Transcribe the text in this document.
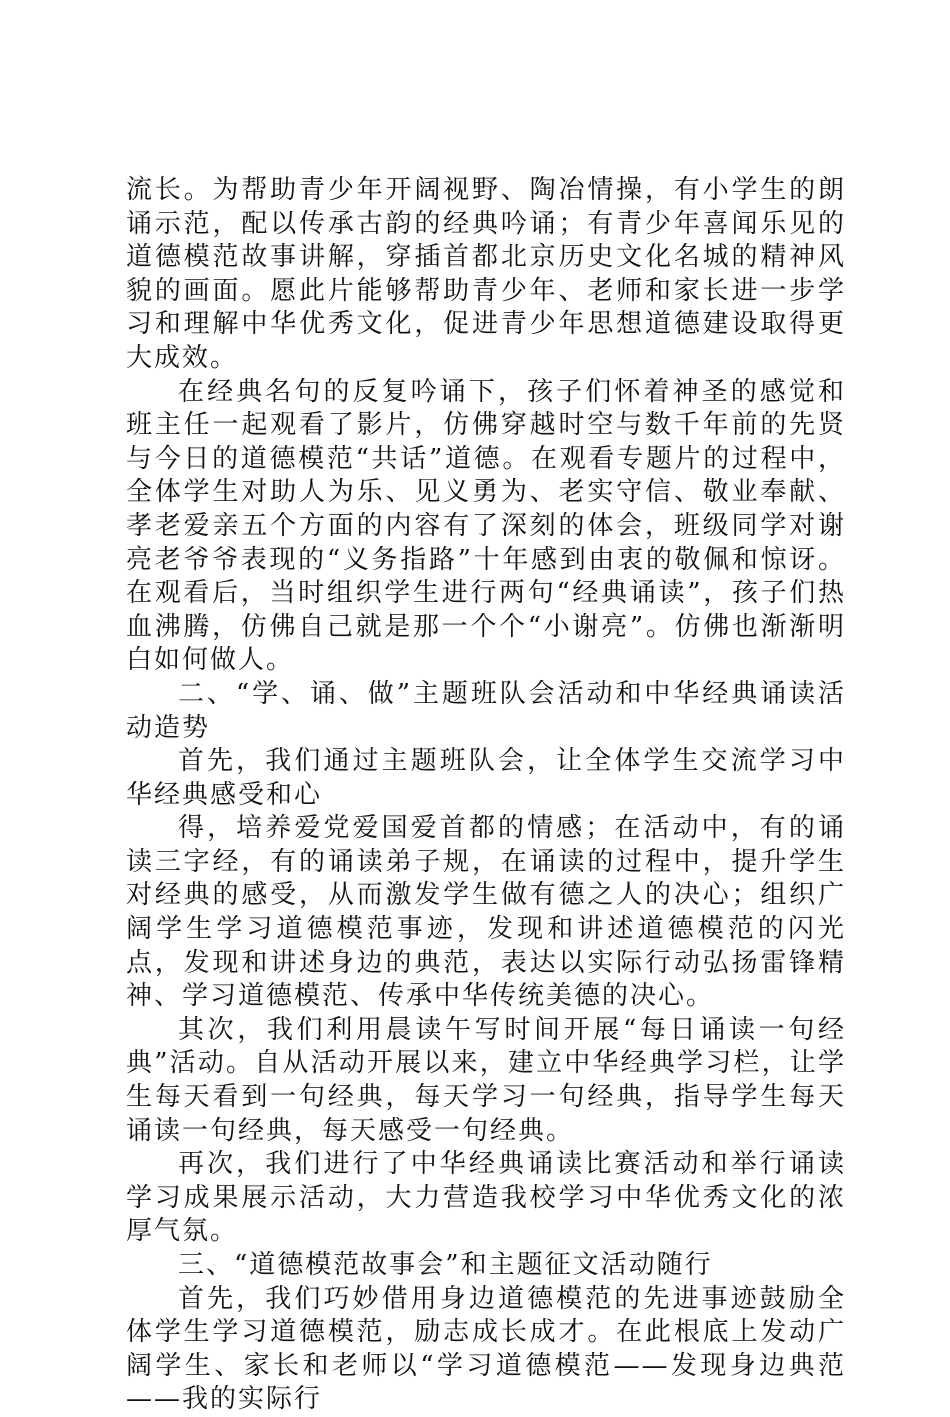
流长。为帮助青少年开阔视野、陶冶情操，有小学生的朗诵示范，配以传承古韵的经典吟诵；有青少年喜闻乐见的道德模范故事讲解，穿插首都北京历史文化名城的精神风貌的画面。愿此片能够帮助青少年、老师和家长进一步学习和理解中华优秀文化，促进青少年思想道德建设取得更大成效。

在经典名句的反复吟诵下，孩子们怀着神圣的感觉和班主任一起观看了影片，仿佛穿越时空与数千年前的先贤与今日的道德模范“共话”道德。在观看专题片的过程中，全体学生对助人为乐、见义勇为、老实守信、敬业奉献、孝老爱亲五个方面的内容有了深刻的体会，班级同学对谢亮老爷爷表现的“义务指路”十年感到由衷的敬佩和惊讶。在观看后，当时组织学生进行两句“经典诵读”，孩子们热血沸腾，仿佛自己就是那一个个“小谢亮”。仿佛也渐渐明白如何做人。

二、“学、诵、做”主题班队会活动和中华经典诵读活动造势

首先，我们通过主题班队会，让全体学生交流学习中华经典感受和心

得，培养爱党爱国爱首都的情感；在活动中，有的诵读三字经，有的诵读弟子规，在诵读的过程中，提升学生对经典的感受，从而激发学生做有德之人的决心；组织广阔学生学习道德模范事迹，发现和讲述道德模范的闪光点，发现和讲述身边的典范，表达以实际行动弘扬雷锋精神、学习道德模范、传承中华传统美德的决心。

其次，我们利用晨读午写时间开展“每日诵读一句经典”活动。自从活动开展以来，建立中华经典学习栏，让学生每天看到一句经典，每天学习一句经典，指导学生每天诵读一句经典，每天感受一句经典。

再次，我们进行了中华经典诵读比赛活动和举行诵读学习成果展示活动，大力营造我校学习中华优秀文化的浓厚气氛。

三、“道德模范故事会”和主题征文活动随行

首先，我们巧妙借用身边道德模范的先进事迹鼓励全体学生学习道德模范，励志成长成才。在此根底上发动广阔学生、家长和老师以“学习道德模范——发现身边典范——我的实际行
